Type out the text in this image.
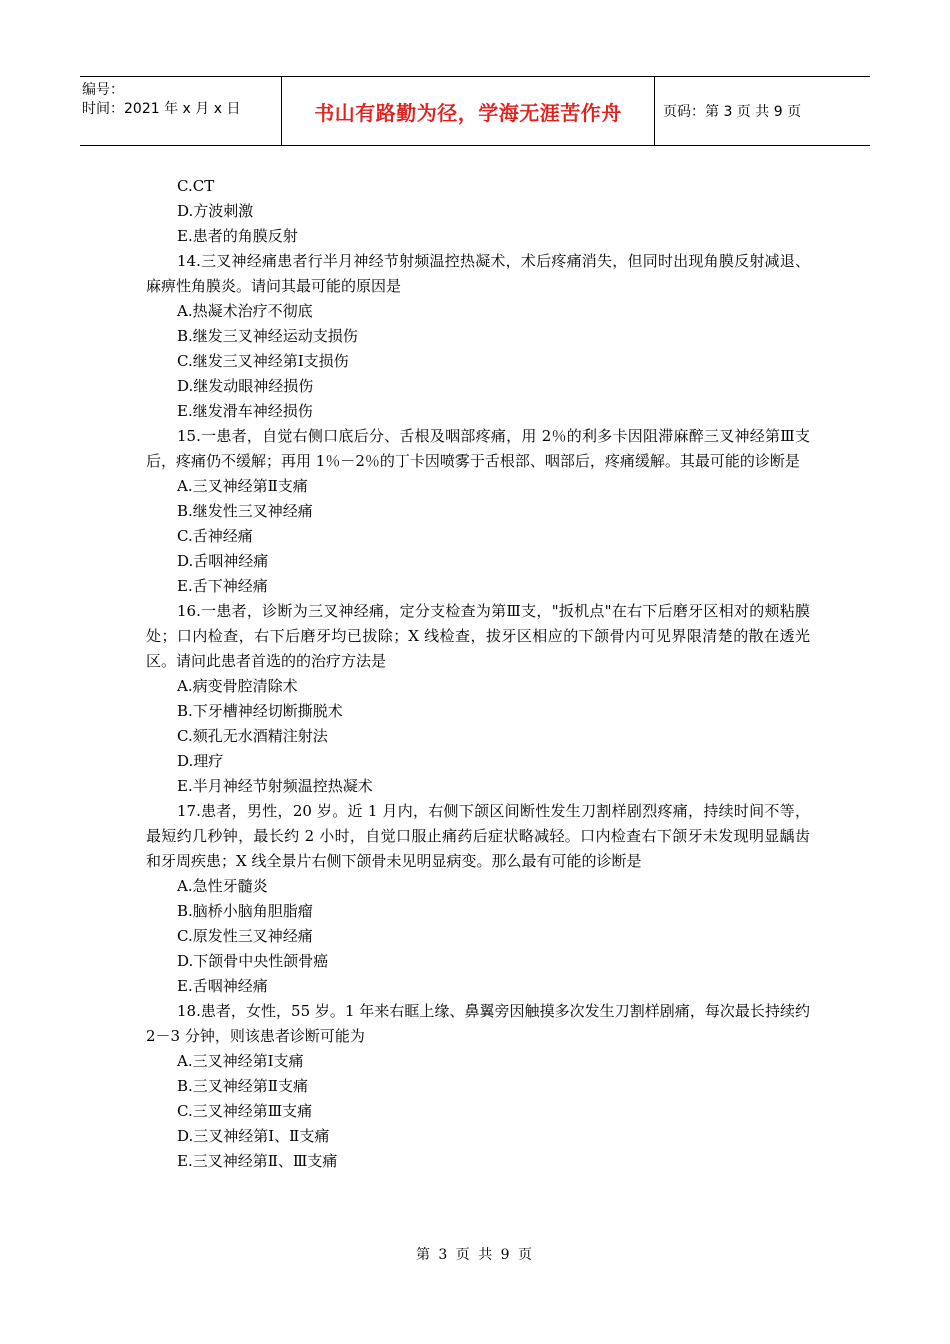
编号：
时间：2021 年 x 月 x 日	书山有路勤为径，学海无涯苦作舟	页码：第 3 页 共 9 页

C.CT

D.方波刺激

E.患者的角膜反射

14.三叉神经痛患者行半月神经节射频温控热凝术，术后疼痛消失，但同时出现角膜反射减退、麻痹性角膜炎。请问其最可能的原因是

A.热凝术治疗不彻底

B.继发三叉神经运动支损伤

C.继发三叉神经第Ⅰ支损伤

D.继发动眼神经损伤

E.继发滑车神经损伤

15.一患者，自觉右侧口底后分、舌根及咽部疼痛，用 2％的利多卡因阻滞麻醉三叉神经第Ⅲ支后，疼痛仍不缓解；再用 1％－2％的丁卡因喷雾于舌根部、咽部后，疼痛缓解。其最可能的诊断是

A.三叉神经第Ⅱ支痛

B.继发性三叉神经痛

C.舌神经痛

D.舌咽神经痛

E.舌下神经痛

16.一患者，诊断为三叉神经痛，定分支检查为第Ⅲ支，"扳机点"在右下后磨牙区相对的颊粘膜处；口内检查，右下后磨牙均已拔除；X 线检查，拔牙区相应的下颌骨内可见界限清楚的散在透光区。请问此患者首选的的治疗方法是

A.病变骨腔清除术

B.下牙槽神经切断撕脱术

C.颏孔无水酒精注射法

D.理疗

E.半月神经节射频温控热凝术

17.患者，男性，20 岁。近 1 月内，右侧下颌区间断性发生刀割样剧烈疼痛，持续时间不等，最短约几秒钟，最长约 2 小时，自觉口服止痛药后症状略减轻。口内检查右下颌牙未发现明显龋齿和牙周疾患；X 线全景片右侧下颌骨未见明显病变。那么最有可能的诊断是

A.急性牙髓炎

B.脑桥小脑角胆脂瘤

C.原发性三叉神经痛

D.下颌骨中央性颌骨癌

E.舌咽神经痛

18.患者，女性，55 岁。1 年来右眶上缘、鼻翼旁因触摸多次发生刀割样剧痛，每次最长持续约 2－3 分钟，则该患者诊断可能为

A.三叉神经第Ⅰ支痛

B.三叉神经第Ⅱ支痛

C.三叉神经第Ⅲ支痛

D.三叉神经第Ⅰ、Ⅱ支痛

E.三叉神经第Ⅱ、Ⅲ支痛

第 3 页 共 9 页
